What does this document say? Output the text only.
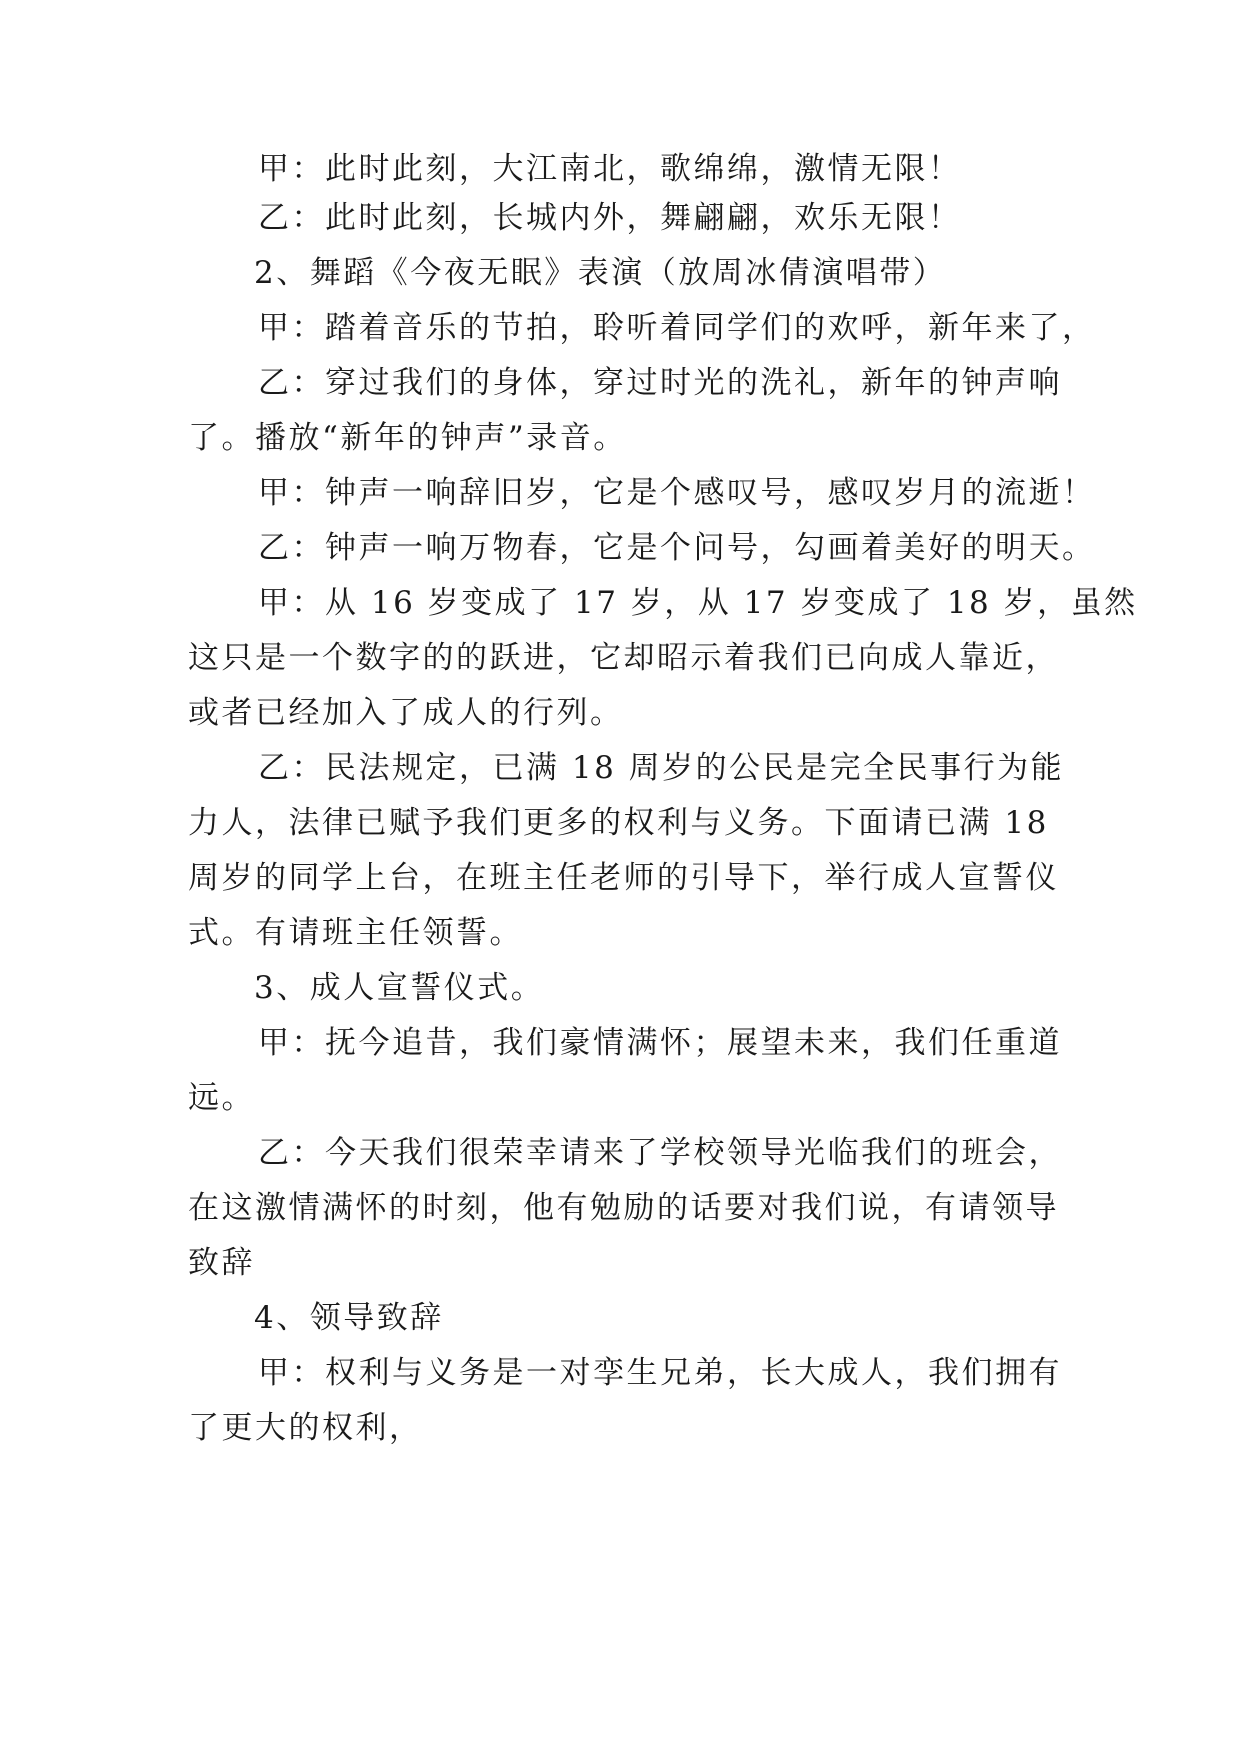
甲：此时此刻，大江南北，歌绵绵，激情无限！
乙：此时此刻，长城内外，舞翩翩，欢乐无限！
2、舞蹈《今夜无眠》表演（放周冰倩演唱带）
甲：踏着音乐的节拍，聆听着同学们的欢呼，新年来了，
乙：穿过我们的身体，穿过时光的洗礼，新年的钟声响
了。播放“新年的钟声”录音。
甲：钟声一响辞旧岁，它是个感叹号，感叹岁月的流逝！
乙：钟声一响万物春，它是个问号，勾画着美好的明天。
甲：从 16 岁变成了 17 岁，从 17 岁变成了 18 岁，虽然
这只是一个数字的的跃进，它却昭示着我们已向成人靠近，
或者已经加入了成人的行列。
乙：民法规定，已满 18 周岁的公民是完全民事行为能
力人，法律已赋予我们更多的权利与义务。下面请已满 18
周岁的同学上台，在班主任老师的引导下，举行成人宣誓仪
式。有请班主任领誓。
3、成人宣誓仪式。
甲：抚今追昔，我们豪情满怀；展望未来，我们任重道
远。
乙：今天我们很荣幸请来了学校领导光临我们的班会，
在这激情满怀的时刻，他有勉励的话要对我们说，有请领导
致辞
4、领导致辞
甲：权利与义务是一对孪生兄弟，长大成人，我们拥有
了更大的权利，
